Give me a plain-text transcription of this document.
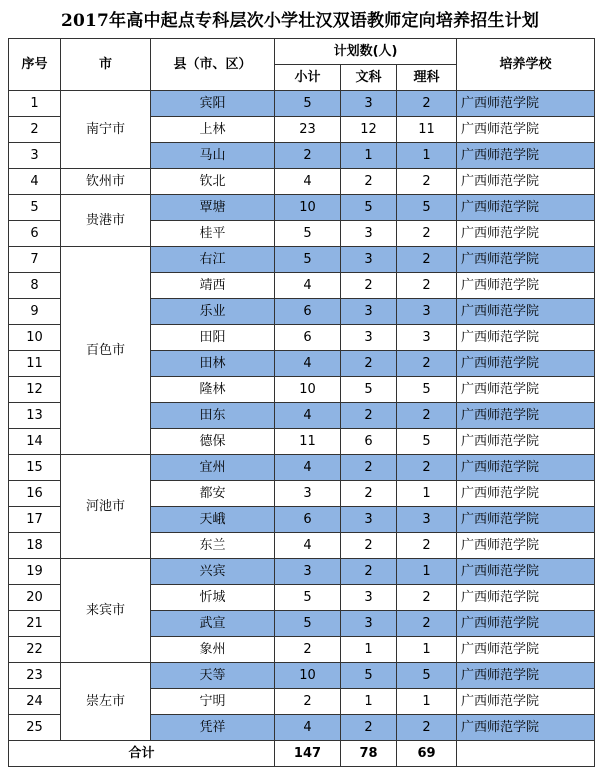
2017年高中起点专科层次小学壮汉双语教师定向培养招生计划
序号	市	县（市、区）	计划数(人)			培养学校
			小计	文科	理科	
1	南宁市	宾阳	5	3	2	广西师范学院
2		上林	23	12	11	广西师范学院
3		马山	2	1	1	广西师范学院
4	钦州市	钦北	4	2	2	广西师范学院
5	贵港市	覃塘	10	5	5	广西师范学院
6		桂平	5	3	2	广西师范学院
7	百色市	右江	5	3	2	广西师范学院
8		靖西	4	2	2	广西师范学院
9		乐业	6	3	3	广西师范学院
10		田阳	6	3	3	广西师范学院
11		田林	4	2	2	广西师范学院
12		隆林	10	5	5	广西师范学院
13		田东	4	2	2	广西师范学院
14		德保	11	6	5	广西师范学院
15	河池市	宜州	4	2	2	广西师范学院
16		都安	3	2	1	广西师范学院
17		天峨	6	3	3	广西师范学院
18		东兰	4	2	2	广西师范学院
19	来宾市	兴宾	3	2	1	广西师范学院
20		忻城	5	3	2	广西师范学院
21		武宣	5	3	2	广西师范学院
22		象州	2	1	1	广西师范学院
23	崇左市	天等	10	5	5	广西师范学院
24		宁明	2	1	1	广西师范学院
25		凭祥	4	2	2	广西师范学院
合计			147	78	69	
